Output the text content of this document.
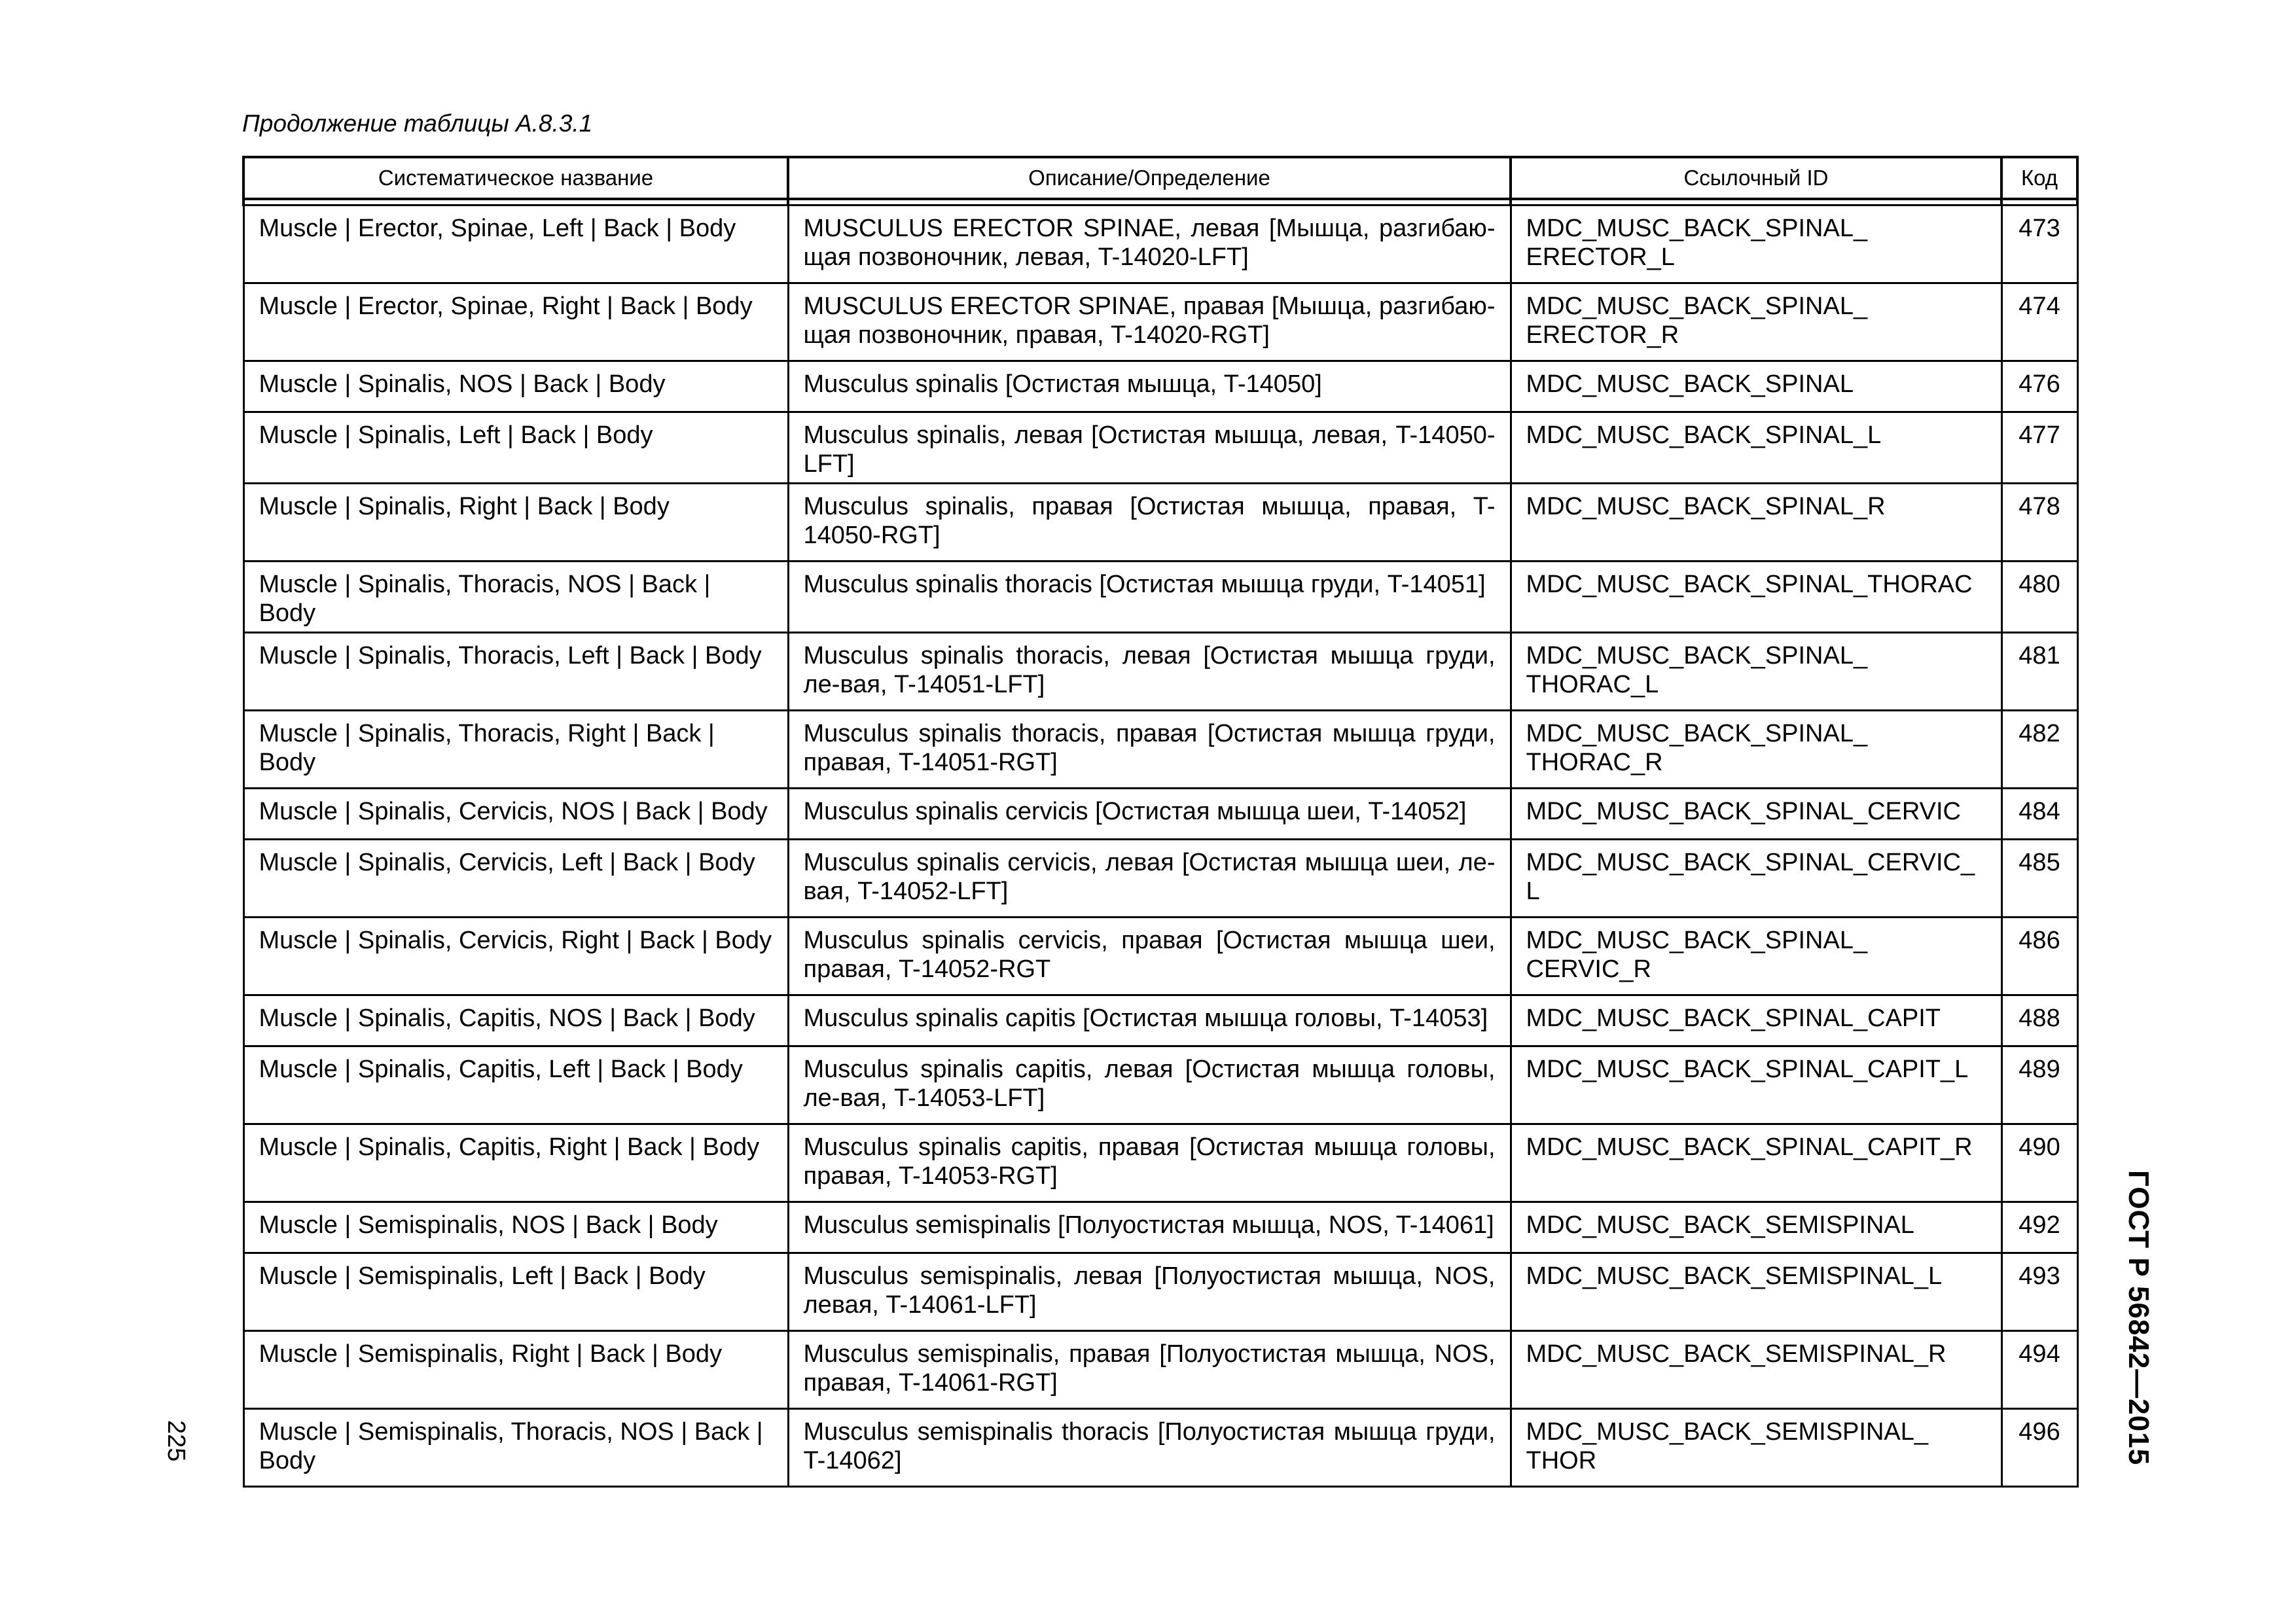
Продолжение таблицы А.8.3.1
Систематическое название	Описание/Определение	Ссылочный ID	Код

Muscle | Erector, Spinae, Left | Back | Body	MUSCULUS ERECTOR SPINAE, левая [Мышца, разгибаю-щая позвоночник, левая, T-14020-LFT]	MDC_MUSC_BACK_SPINAL_ ERECTOR_L	473
Muscle | Erector, Spinae, Right | Back | Body	MUSCULUS ERECTOR SPINAE, правая [Мышца, разгибаю-щая позвоночник, правая, T-14020-RGT]	MDC_MUSC_BACK_SPINAL_ ERECTOR_R	474
Muscle | Spinalis, NOS | Back | Body	Musculus spinalis [Остистая мышца, T-14050]	MDC_MUSC_BACK_SPINAL	476
Muscle | Spinalis, Left | Back | Body	Musculus spinalis, левая [Остистая мышца, левая, T-14050-LFT]	MDC_MUSC_BACK_SPINAL_L	477
Muscle | Spinalis, Right | Back | Body	Musculus spinalis, правая [Остистая мышца, правая, T-14050-RGT]	MDC_MUSC_BACK_SPINAL_R	478
Muscle | Spinalis, Thoracis, NOS | Back | Body	Musculus spinalis thoracis [Остистая мышца груди, T-14051]	MDC_MUSC_BACK_SPINAL_THORAC	480
Muscle | Spinalis, Thoracis, Left | Back | Body	Musculus spinalis thoracis, левая [Остистая мышца груди, ле-вая, T-14051-LFT]	MDC_MUSC_BACK_SPINAL_ THORAC_L	481
Muscle | Spinalis, Thoracis, Right | Back | Body	Musculus spinalis thoracis, правая [Остистая мышца груди, правая, T-14051-RGT]	MDC_MUSC_BACK_SPINAL_ THORAC_R	482
Muscle | Spinalis, Cervicis, NOS | Back | Body	Musculus spinalis cervicis [Остистая мышца шеи, T-14052]	MDC_MUSC_BACK_SPINAL_CERVIC	484
Muscle | Spinalis, Cervicis, Left | Back | Body	Musculus spinalis cervicis, левая [Остистая мышца шеи, ле-вая, T-14052-LFT]	MDC_MUSC_BACK_SPINAL_CERVIC_L	485
Muscle | Spinalis, Cervicis, Right | Back | Body	Musculus spinalis cervicis, правая [Остистая мышца шеи, правая, T-14052-RGT	MDC_MUSC_BACK_SPINAL_ CERVIC_R	486
Muscle | Spinalis, Capitis, NOS | Back | Body	Musculus spinalis capitis [Остистая мышца головы, T-14053]	MDC_MUSC_BACK_SPINAL_CAPIT	488
Muscle | Spinalis, Capitis, Left | Back | Body	Musculus spinalis capitis, левая [Остистая мышца головы, ле-вая, T-14053-LFT]	MDC_MUSC_BACK_SPINAL_CAPIT_L	489
Muscle | Spinalis, Capitis, Right | Back | Body	Musculus spinalis capitis, правая [Остистая мышца головы, правая, T-14053-RGT]	MDC_MUSC_BACK_SPINAL_CAPIT_R	490
Muscle | Semispinalis, NOS | Back | Body	Musculus semispinalis [Полуостистая мышца, NOS, T-14061]	MDC_MUSC_BACK_SEMISPINAL	492
Muscle | Semispinalis, Left | Back | Body	Musculus semispinalis, левая [Полуостистая мышца, NOS, левая, T-14061-LFT]	MDC_MUSC_BACK_SEMISPINAL_L	493
Muscle | Semispinalis, Right | Back | Body	Musculus semispinalis, правая [Полуостистая мышца, NOS, правая, T-14061-RGT]	MDC_MUSC_BACK_SEMISPINAL_R	494
Muscle | Semispinalis, Thoracis, NOS | Back | Body	Musculus semispinalis thoracis [Полуостистая мышца груди, T-14062]	MDC_MUSC_BACK_SEMISPINAL_ THOR	496
225	ГОСТ Р 56842—2015
